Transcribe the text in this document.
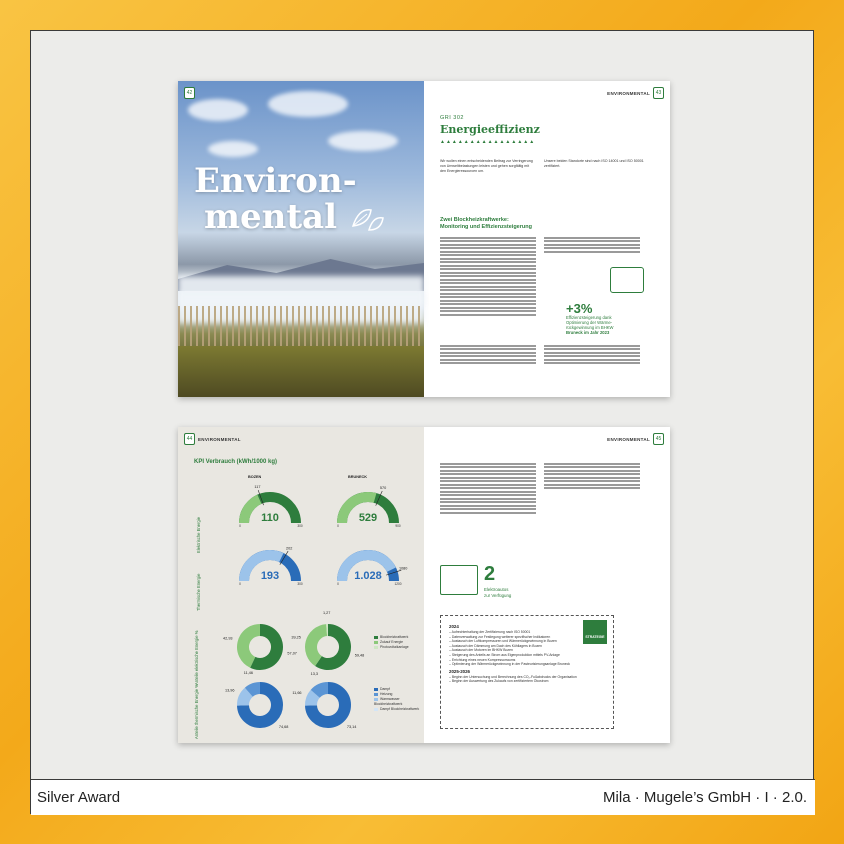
42
Environ-
mental
ENVIRONMENTAL	43
GRI 302
Energieeffizienz
▲▲▲▲▲▲▲▲▲▲▲▲▲▲▲▲
Wir wollen einen entscheidenden Beitrag zur Verringerung von Umweltbelastungen leisten und gehen sorgfältig mit den Energieressourcen um.
Unsere beiden Standorte sind nach ISO 14001 und ISO 50001 zertifiziert.
Zwei Blockheizkraftwerke:
Monitoring und Effizienzsteigerung
+3%
Effizienzsteigerung dank
Optimierung der Wärme-
rückgewinnung im BHKW
Bruneck im Jahr 2023
44	ENVIRONMENTAL
KPI Verbrauch (kWh/1000 kg)
BOZEN	BRUNECK
Elektrische Energie
Thermische Energie
Anteile elektrische Energie %
Anteile thermische Energie %
117
110
0	300
570
529
0	900
202
193
0	300
1080
1.028
0	1200
57,07
42,93
59,48
39,25
1,27
74,68
13,96
11,46
73,14
11,66
13,3
Blockheizkraftwerk
Zukauf Energie
Photovoltaikanlage
Dampf
Heizung
Warmwasser Blockheizkraftwerk
Dampf Blockheizkraftwerk
ENVIRONMENTAL	45
2
Elektroautos
zur Verfügung
STRATEGIE
2024
– Aufrechterhaltung der Zertifizierung nach ISO 50001
– Datenverwaltung zur Festlegung weiterer spezifischer Indikatoren
– Austausch der Luftkompressoren und Wärmerückgewinnung in Bozen
– Austausch der Dämmung am Dach des Kühllagers in Bozen
– Austausch der Motoren im BHKW Bozen
– Steigerung des Anteils an Strom aus Eigenproduktion mittels PV-Anlage
– Errichtung eines neuen Kompressorraums
– Optimierung der Wärmerückgewinnung in der Pasteurisierungsanlage Bruneck
2025-2026
– Beginn der Untersuchung und Berechnung des CO₂-Fußabdrucks der Organisation
– Beginn der Auswertung des Zukaufs von zertifiziertem Ökostrom
Silver Award	Mila · Mugele’s GmbH · I · 2.0.
